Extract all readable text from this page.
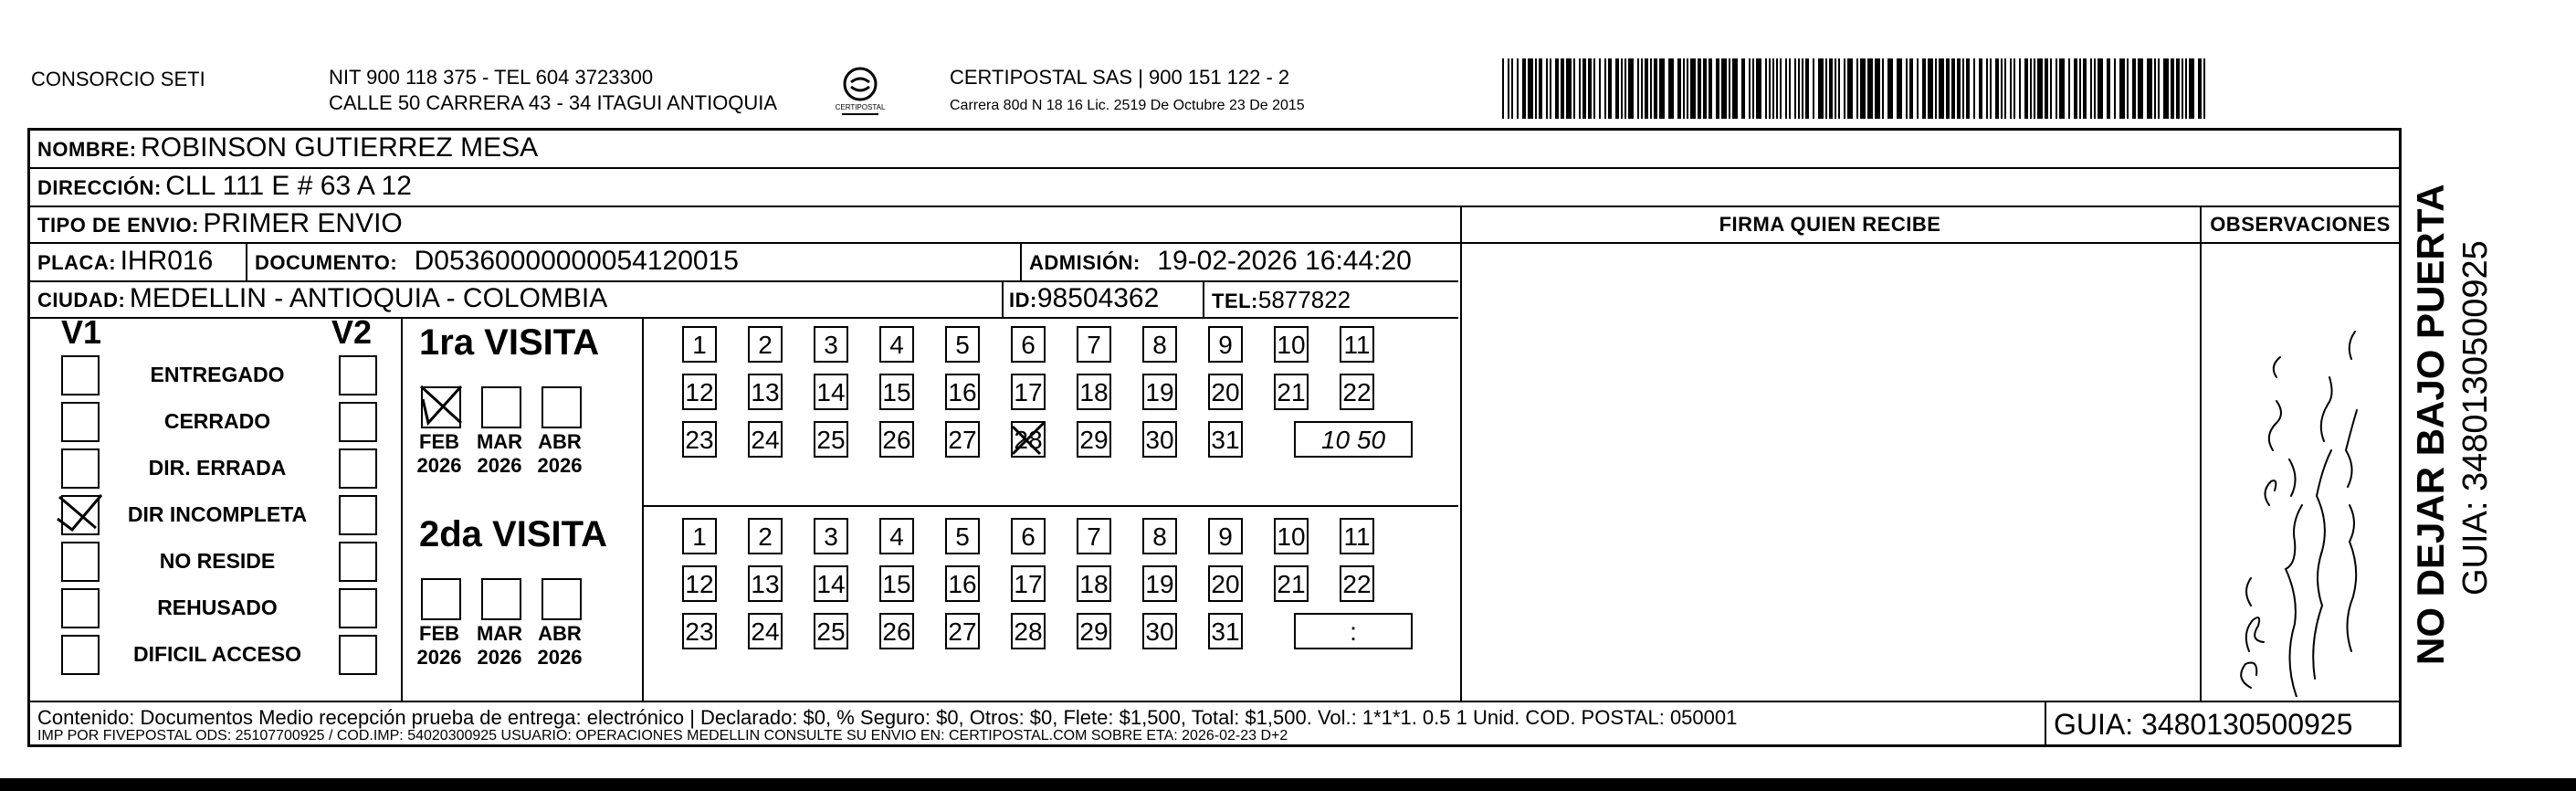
CONSORCIO SETI	NIT 900 118 375 - TEL 604 3723300
CALLE 50 CARRERA 43 - 34 ITAGUI ANTIOQUIA	CERTIPOSTAL
CERTIPOSTAL SAS | 900 151 122 - 2
Carrera 80d N 18 16 Lic. 2519 De Octubre 23 De 2015
NOMBRE: ROBINSON GUTIERREZ MESA
DIRECCIÓN: CLL 111 E # 63 A 12
TIPO DE ENVIO: PRIMER ENVIO	FIRMA QUIEN RECIBE	OBSERVACIONES
PLACA: IHR016 DOCUMENTO: D05360000000054120015	ADMISIÓN: 19-02-2026 16:44:20
CIUDAD: MEDELLIN - ANTIOQUIA - COLOMBIA	ID:98504362	TEL:5877822
V1	V2
ENTREGADO
CERRADO
DIR. ERRADA
DIR INCOMPLETA
NO RESIDE
REHUSADO
DIFICIL ACCESO
1ra VISITA
FEB
2026
MAR
2026
ABR
2026
1	2	3	4	5	6	7	8	9	10 11
12 13 14 15 16 17 18 19 20 21 22
23 24 25 26 27 28 29 30 31	10 50
2da VISITA
FEB
2026
MAR
2026
ABR
2026
1	2	3	4	5	6	7	8	9	10 11
12 13 14 15 16 17 18 19 20 21 22
23 24 25 26 27 28 29 30 31	:
O Sea Ñegan fuera de Coerng a choque final numero gelt
Contenido: Documentos Medio recepción prueba de entrega: electrónico | Declarado: $0, % Seguro: $0, Otros: $0, Flete: $1,500, Total: $1,500. Vol.: 1*1*1. 0.5 1 Unid. COD. POSTAL: 050001
IMP POR FIVEPOSTAL ODS: 25107700925 / COD.IMP: 54020300925 USUARIO: OPERACIONES MEDELLIN CONSULTE SU ENVIO EN: CERTIPOSTAL.COM SOBRE ETA: 2026-02-23 D+2	GUIA: 3480130500925
NO DEJAR BAJO PUERTA GUIA: 3480130500925
